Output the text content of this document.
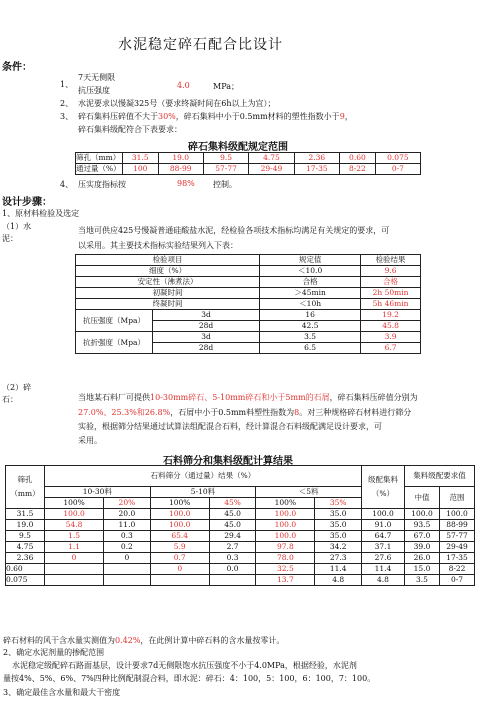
水泥稳定碎石配合比设计
条件：
1、
7天无侧限
抗压强度
4.0	MPa；
2、 水泥要求以慢凝325号（要求终凝时间在6h以上为宜）；
3、 碎石集料压碎值不大于30%，碎石集料中小于0.5mm材料的塑性指数小于9，
碎石集料级配符合下表要求：
碎石集料级配规定范围
筛孔（mm）	31.5	19.0	9.5	4.75	2.36	0.60	0.075
通过量（%）	100	88-99	57-77	29-49	17-35	8-22	0-7
4、 压实度指标按	98% 控制。
设计步骤：
1、原材料检验及选定
（1）水泥：
当地可供应425号慢凝普通硅酸盐水泥，经检验各项技术指标均满足有关规定的要求，可
以采用。其主要技术指标实验结果列入下表：
检验项目		规定值	检验结果
细度（%）		＜10.0	9.6
安定性（沸煮法）		合格	合格
初凝时间		＞45min	2h 50min
终凝时间		＜10h	5h 46min
抗压强度（Mpa）	3d	16	19.2
	28d	42.5	45.8
抗折强度（Mpa）	3d	3.5	3.9
	28d	6.5	6.7
（2）碎石：	当地某石料厂可提供10-30mm碎石、5-10mm碎石和小于5mm的石屑，碎石集料压碎值分别为
27.0%、25.3%和26.8%，石屑中小于0.5mm料塑性指数为8。对三种规格碎石材料进行筛分
实验，根据筛分结果通过试算法组配混合石料，经计算混合石料级配满足设计要求，可
采用。
石料筛分和集料级配计算结果
筛孔（mm）	石料筛分（通过量）结果（%）						级配集料（%）	集料级配要求值	
	10-30料		5-10料		＜5料			中值	范围
	100%	20%	100%	45%	100%	35%			
31.5	100.0	20.0	100.0	45.0	100.0	35.0	100.0	100.0	100.0
19.0	54.8	11.0	100.0	45.0	100.0	35.0	91.0	93.5	88-99
9.5	1.5	0.3	65.4	29.4	100.0	35.0	64.7	67.0	57-77
4.75	1.1	0.2	5.9	2.7	97.8	34.2	37.1	39.0	29-49
2.36	0	0	0.7	0.3	78.0	27.3	27.6	26.0	17-35
0.60			0	0.0	32.5	11.4	11.4	15.0	8-22
0.075					13.7	4.8	4.8	3.5	0-7
碎石材料的风干含水量实测值为0.42%，在此例计算中碎石料的含水量按零计。
2、确定水泥剂量的掺配范围
水泥稳定级配碎石路面基层，设计要求7d无侧限饱水抗压强度不小于4.0MPa，根据经验，水泥剂
量按4%、5%、6%、7%四种比例配制混合料，即水泥：碎石：4：100，5：100，6：100，7：100。
3、确定最佳含水量和最大干密度
